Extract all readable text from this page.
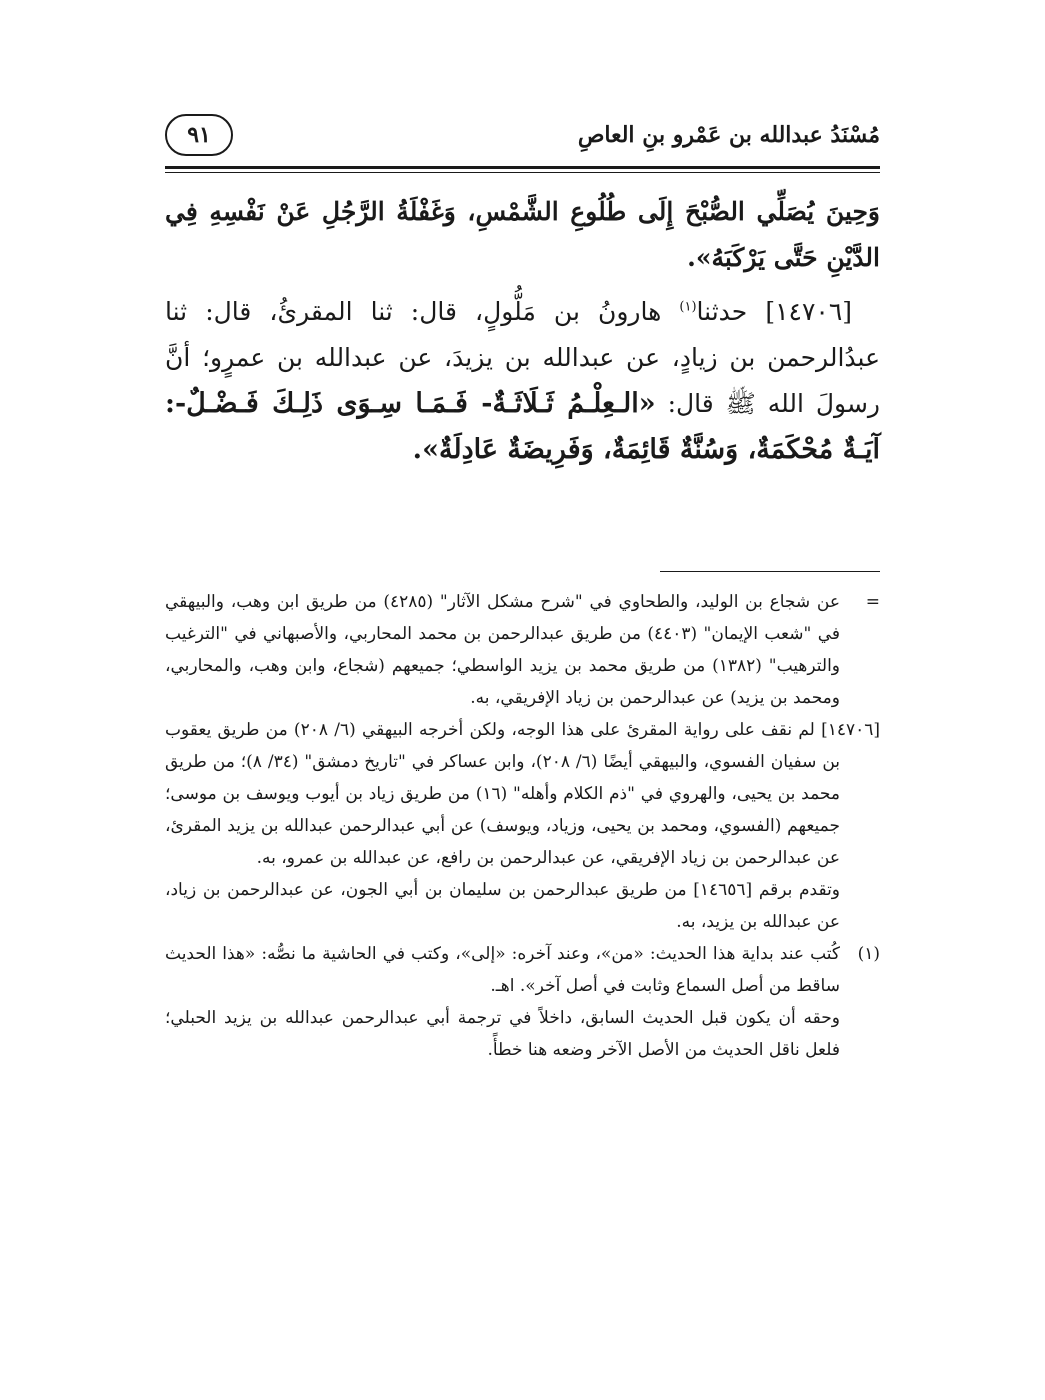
مُسْنَدُ عبدالله بن عَمْرو بنِ العاصِ
٩١

وَحِينَ يُصَلِّي الصُّبْحَ إِلَى طُلُوعِ الشَّمْسِ، وَغَفْلَةُ الرَّجُلِ عَنْ نَفْسِهِ فِي الدَّيْنِ حَتَّى يَرْكَبَهُ».

[١٤٧٠٦] حدثنا$^{(١)}$ هارونُ بن مَلُّولٍ، قال: ثنا المقرئُ، قال: ثنا عبدُالرحمن بن زيادٍ، عن عبدالله بن يزيدَ، عن عبدالله بن عمرٍو؛ أنَّ رسولَ الله ﷺ قال: «الـعِلْـمُ ثَـلَاثَـةٌ- فَـمَـا سِـوَى ذَلِـكَ فَـضْـلٌ-: آيَـةٌ مُحْكَمَةٌ، وَسُنَّةٌ قَائِمَةٌ، وَفَرِيضَةٌ عَادِلَةٌ».

=
عن شجاع بن الوليد، والطحاوي في "شرح مشكل الآثار" (٤٢٨٥) من طريق ابن وهب، والبيهقي في "شعب الإيمان" (٤٤٠٣) من طريق عبدالرحمن بن محمد المحاربي، والأصبهاني في "الترغيب والترهيب" (١٣٨٢) من طريق محمد بن يزيد الواسطي؛ جميعهم (شجاع، وابن وهب، والمحاربي، ومحمد بن يزيد) عن عبدالرحمن بن زياد الإفريقي، به.

[١٤٧٠٦] لم نقف على رواية المقرئ على هذا الوجه، ولكن أخرجه البيهقي (٦/ ٢٠٨) من طريق يعقوب بن سفيان الفسوي، والبيهقي أيضًا (٦/ ٢٠٨)، وابن عساكر في "تاريخ دمشق" (٣٤/ ٨)؛ من طريق محمد بن يحيى، والهروي في "ذم الكلام وأهله" (١٦) من طريق زياد بن أيوب ويوسف بن موسى؛ جميعهم (الفسوي، ومحمد بن يحيى، وزياد، ويوسف) عن أبي عبدالرحمن عبدالله بن يزيد المقرئ، عن عبدالرحمن بن زياد الإفريقي، عن عبدالرحمن بن رافع، عن عبدالله بن عمرو، به.

وتقدم برقم [١٤٦٥٦] من طريق عبدالرحمن بن سليمان بن أبي الجون، عن عبدالرحمن بن زياد، عن عبدالله بن يزيد، به.

(١)
كُتب عند بداية هذا الحديث: «من»، وعند آخره: «إلى»، وكتب في الحاشية ما نصُّه: «هذا الحديث ساقط من أصل السماع وثابت في أصل آخر». اهـ.

وحقه أن يكون قبل الحديث السابق، داخلاً في ترجمة أبي عبدالرحمن عبدالله بن يزيد الحبلي؛ فلعل ناقل الحديث من الأصل الآخر وضعه هنا خطأً.
